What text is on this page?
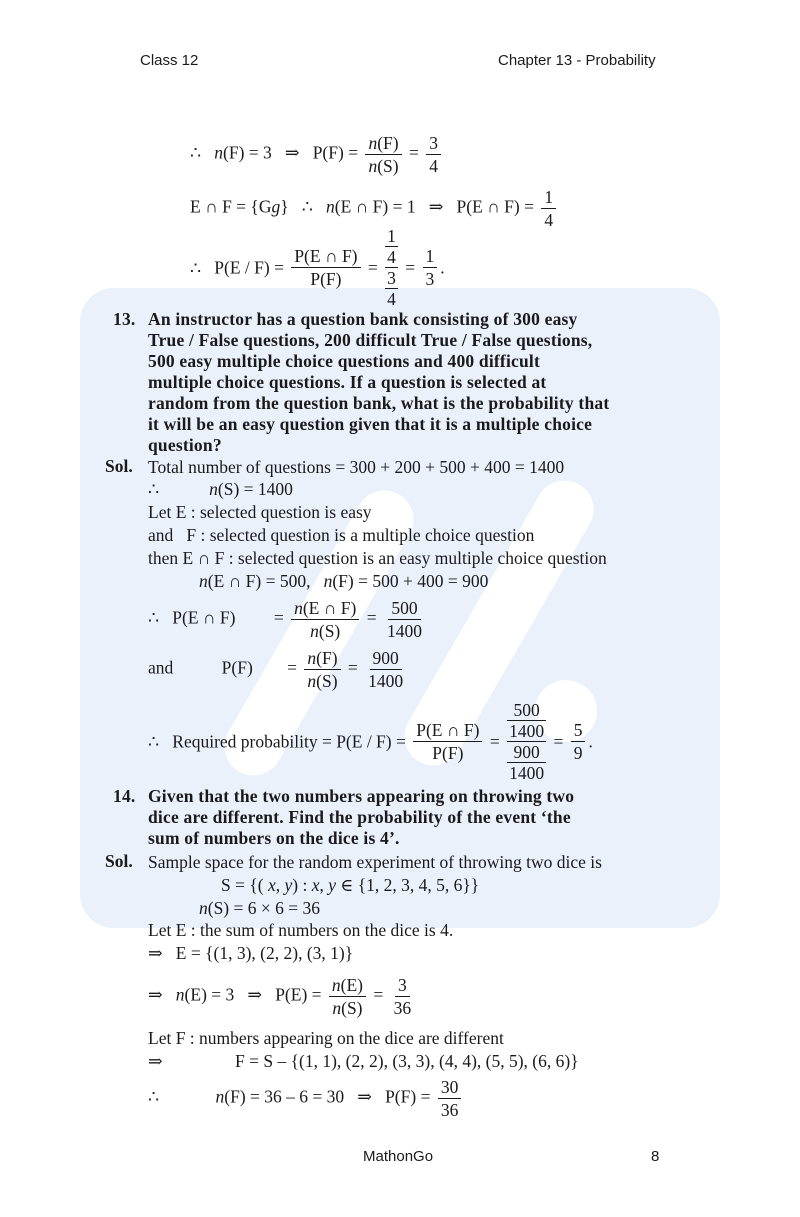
Class 12	Chapter 13 - Probability
∴ n(F) = 3 ⇒ $P(F) = \frac{n(F)}{n(S)} = \frac{3}{4}$
E ∩ F = {Gg} ∴ n(E ∩ F) = 1 ⇒ P(E ∩ $F) = \frac{1}{4}$
∴ $P(E / F) = \frac{P(E \cap F)}{P(F)}$ =
1
4
3
4
= $\frac{1}{3}$ .
13. An instructor has a question bank consisting of 300 easy
True / False questions, 200 difficult True / False questions,
500 easy multiple choice questions and 400 difficult
multiple choice questions. If a question is selected at
random from the question bank, what is the probability that
it will be an easy question given that it is a multiple choice
question?
Sol. Total number of questions = 300 + 200 + 500 + 400 = 1400
∴	n(S) = 1400
Let E : selected question is easy
and   F : selected question is a multiple choice question
then E ∩ F : selected question is an easy multiple choice question
n(E ∩ F) = 500,   n(F) = 500 + 400 = 900
∴ P(E ∩ $F) = \frac{n(E \cap F)}{n(S)} = \frac{500}{1400}$
and	$P(F) = \frac{n(F)}{n(S)} = \frac{900}{1400}$
∴ Required probability = $P(E / F) = \frac{P(E \cap F)}{P(F)}$ =
500
1400
900
1400
= $\frac{5}{9}$ .
14. Given that the two numbers appearing on throwing two
dice are different. Find the probability of the event ‘the
sum of numbers on the dice is 4’.
Sol. Sample space for the random experiment of throwing two dice is
S = {( x, y) : x, y ∈ {1, 2, 3, 4, 5, 6}}
n(S) = 6 × 6 = 36
Let E : the sum of numbers on the dice is 4.
⇒ E = {(1, 3), (2, 2), (3, 1)}
⇒ n(E) = 3   ⇒ $P(E) = \frac{n(E)}{n(S)} = \frac{3}{36}$
Let F : numbers appearing on the dice are different
⇒	F = S – {(1, 1), (2, 2), (3, 3), (4, 4), (5, 5), (6, 6)}
∴	n(F) = 36 – 6 = 30   ⇒ $P(F) = \frac{30}{36}$
MathonGo	8
